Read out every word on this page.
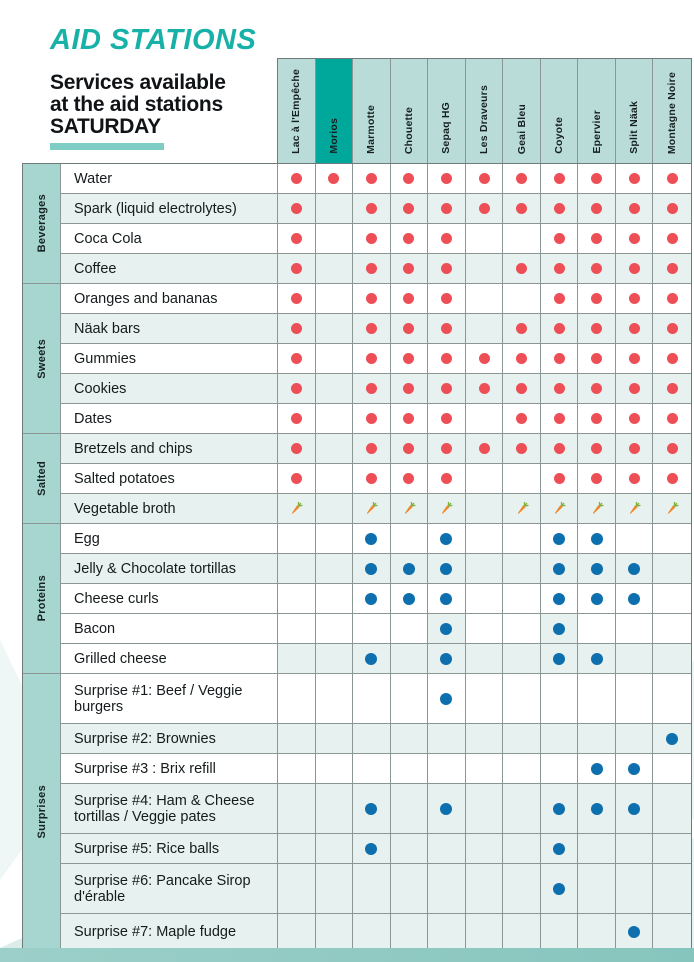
AID STATIONS
Services available
at the aid stations
SATURDAY	Lac à l'Empêche Morios Marmotte Chouette Sepaq HG Les Draveurs Geai Bleu Coyote Epervier Split Näak Montagne Noire
Beverages
Water
Spark (liquid electrolytes)
Coca Cola
Coffee
Sweets
Oranges and bananas
Näak bars
Gummies
Cookies
Dates
Salted
Bretzels and chips
Salted potatoes
Vegetable broth
Proteins
Egg
Jelly & Chocolate tortillas
Cheese curls
Bacon
Grilled cheese
Surprises
Surprise #1: Beef / Veggie burgers
Surprise #2: Brownies
Surprise #3 : Brix refill
Surprise #4: Ham & Cheese tortillas / Veggie pates
Surprise #5: Rice balls
Surprise #6: Pancake Sirop d'érable
Surprise #7: Maple fudge
